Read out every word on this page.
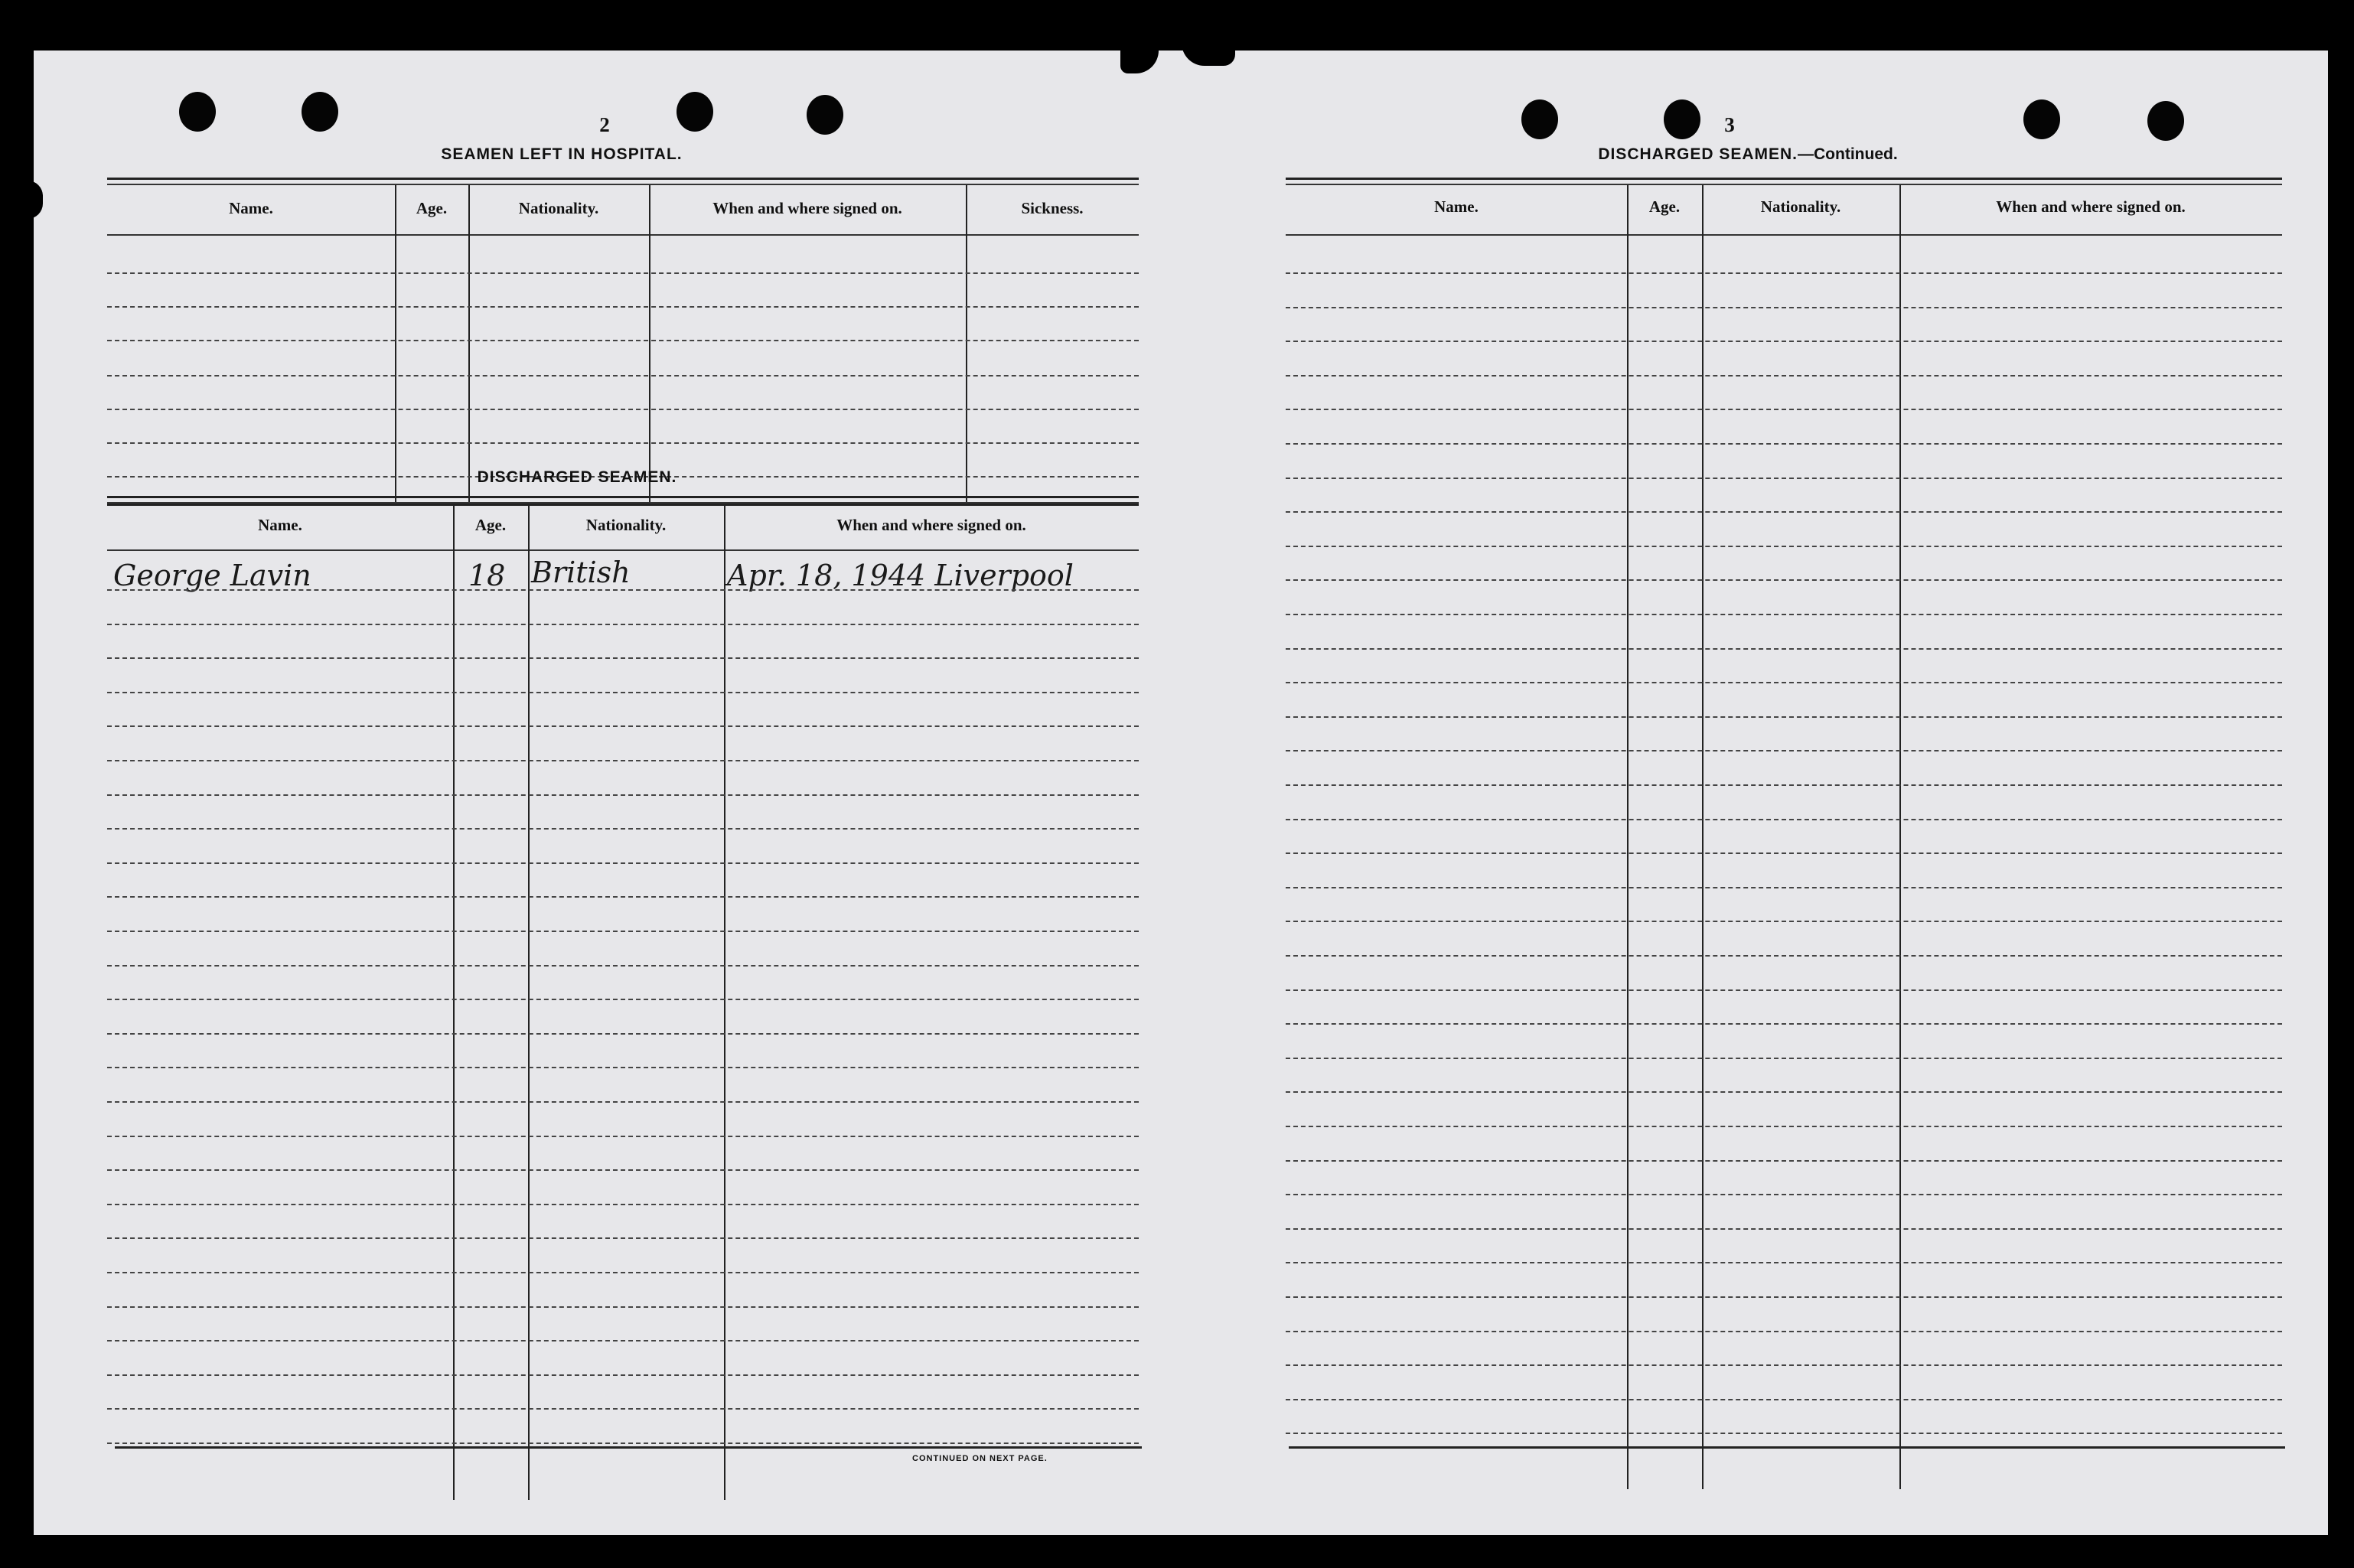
2
SEAMEN LEFT IN HOSPITAL.
Name.	Age.	Nationality.	When and where signed on.	Sickness.
DISCHARGED SEAMEN.
Name.	Age.	Nationality.	When and where signed on.
George Lavin	18 British	Apr. 18, 1944 Liverpool
CONTINUED ON NEXT PAGE.
3
DISCHARGED SEAMEN.—Continued.
Name.	Age.	Nationality.	When and where signed on.
